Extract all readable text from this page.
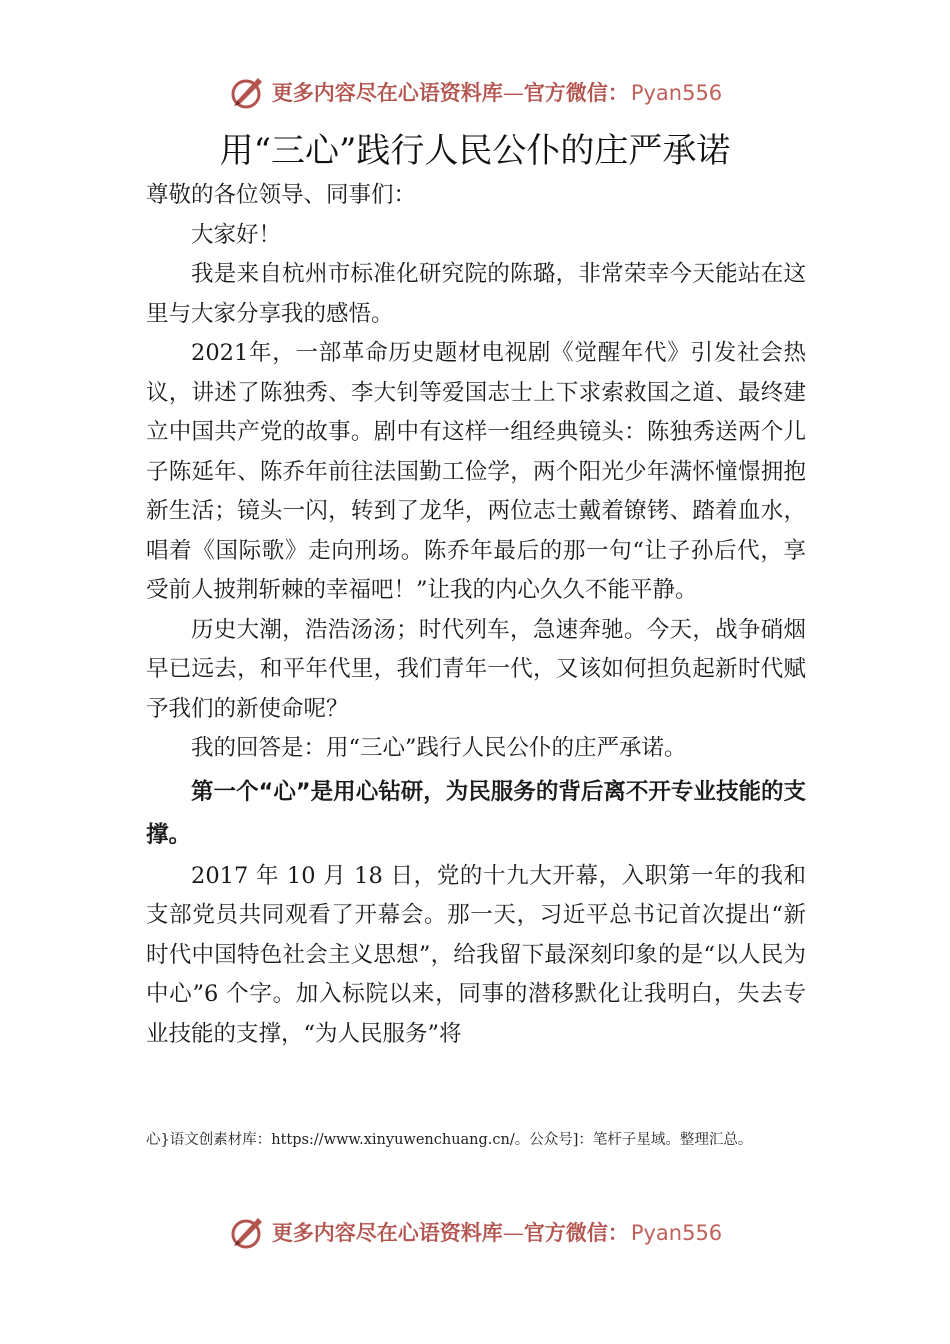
更多内容尽在心语资料库—官方微信：Pyan556
用“三心”践行人民公仆的庄严承诺

尊敬的各位领导、同事们：

大家好！

我是来自杭州市标准化研究院的陈璐，非常荣幸今天能站在这里与大家分享我的感悟。

2021年，一部革命历史题材电视剧《觉醒年代》引发社会热议，讲述了陈独秀、李大钊等爱国志士上下求索救国之道、最终建立中国共产党的故事。剧中有这样一组经典镜头：陈独秀送两个儿子陈延年、陈乔年前往法国勤工俭学，两个阳光少年满怀憧憬拥抱新生活；镜头一闪，转到了龙华，两位志士戴着镣铐、踏着血水，唱着《国际歌》走向刑场。陈乔年最后的那一句“让子孙后代，享受前人披荆斩棘的幸福吧！”让我的内心久久不能平静。

历史大潮，浩浩汤汤；时代列车，急速奔驰。今天，战争硝烟早已远去，和平年代里，我们青年一代，又该如何担负起新时代赋予我们的新使命呢？

我的回答是：用“三心”践行人民公仆的庄严承诺。

第一个“心”是用心钻研，为民服务的背后离不开专业技能的支撑。

2017 年 10 月 18 日，党的十九大开幕，入职第一年的我和支部党员共同观看了开幕会。那一天，习近平总书记首次提出“新时代中国特色社会主义思想”，给我留下最深刻印象的是“以人民为中心”6 个字。加入标院以来，同事的潜移默化让我明白，失去专业技能的支撑，“为人民服务”将

心}语文创素材库：https://www.xinyuwenchuang.cn/。公众号]：笔杆子星域。整理汇总。
更多内容尽在心语资料库—官方微信：Pyan556
